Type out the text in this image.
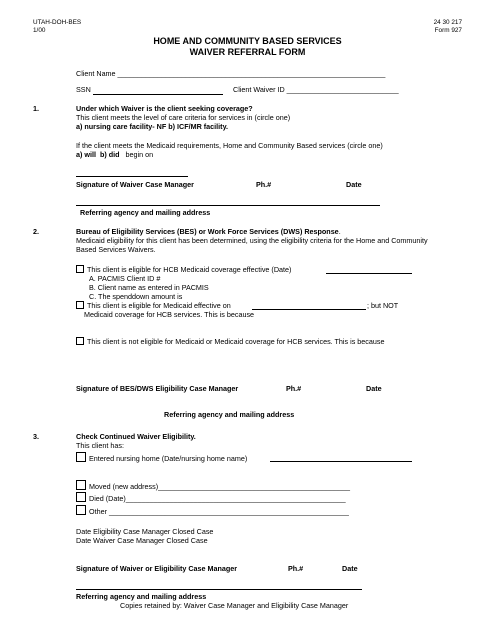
UTAH-DOH-BES
1/00
24 30 217
Form 927
HOME AND COMMUNITY BASED SERVICES
WAIVER REFERRAL FORM
Client Name ___________________________________________________________________
SSN	Client Waiver ID ____________________________
1.	Under which Waiver is the client seeking coverage?
This client meets the level of care criteria for services in (circle one)
a) nursing care facility- NF b) ICF/MR facility.
If the client meets the Medicaid requirements, Home and Community Based services (circle one)
a) will b) did begin on
Signature of Waiver Case Manager	Ph.#	Date
Referring agency and mailing address
2.	Bureau of Eligibility Services (BES) or Work Force Services (DWS) Response.
Medicaid eligibility for this client has been determined, using the eligibility criteria for the Home and Community Based Services Waivers.
This client is eligible for HCB Medicaid coverage effective (Date)
A. PACMIS Client ID #
B. Client name as entered in PACMIS
C. The spenddown amount is
This client is eligible for Medicaid effective on	; but NOT
Medicaid coverage for HCB services. This is because
This client is not eligible for Medicaid or Medicaid coverage for HCB services. This is because
Signature of BES/DWS Eligibility Case Manager	Ph.#	Date
Referring agency and mailing address
3.	Check Continued Waiver Eligibility.
This client has:
Entered nursing home (Date/nursing home name)
Moved (new address)________________________________________________
Died (Date)_______________________________________________________
Other ____________________________________________________________
Date Eligibility Case Manager Closed Case
Date Waiver Case Manager Closed Case
Signature of Waiver or Eligibility Case Manager	Ph.#	Date
Referring agency and mailing address
Copies retained by: Waiver Case Manager and Eligibility Case Manager
